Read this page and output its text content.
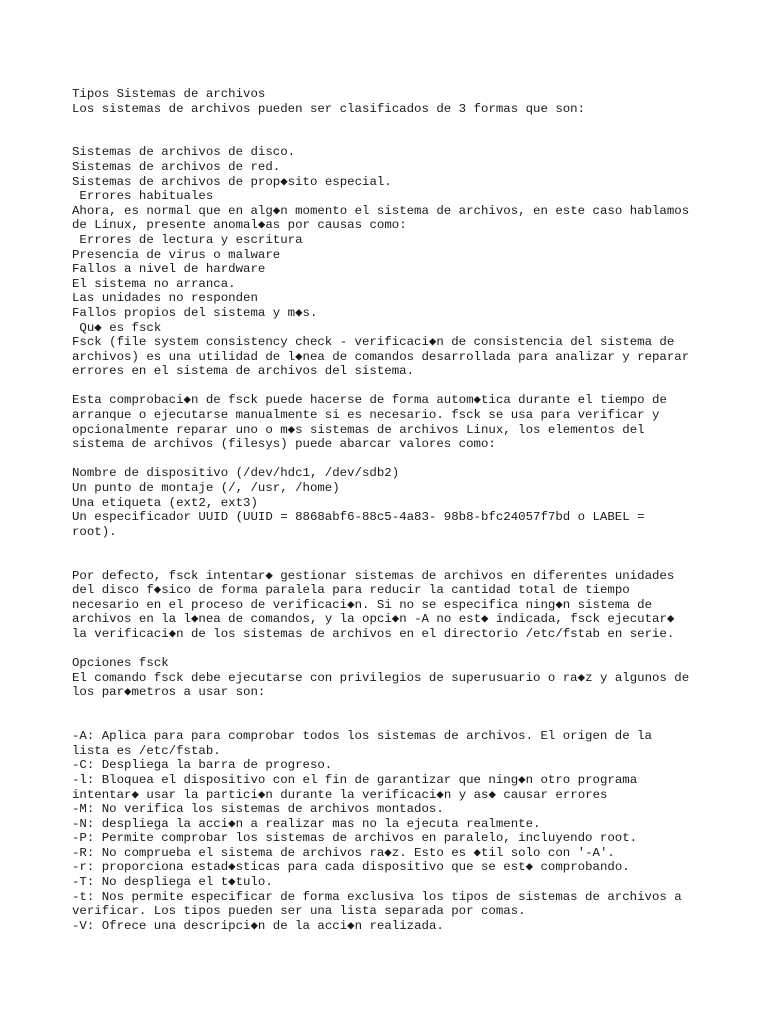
Tipos Sistemas de archivos
Los sistemas de archivos pueden ser clasificados de 3 formas que son:
Sistemas de archivos de disco.
Sistemas de archivos de red.
Sistemas de archivos de prop◆sito especial.
Errores habituales
Ahora, es normal que en alg◆n momento el sistema de archivos, en este caso hablamos
de Linux, presente anomal◆as por causas como:
Errores de lectura y escritura
Presencia de virus o malware
Fallos a nivel de hardware
El sistema no arranca.
Las unidades no responden
Fallos propios del sistema y m◆s.
Qu◆ es fsck
Fsck (file system consistency check - verificaci◆n de consistencia del sistema de
archivos) es una utilidad de l◆nea de comandos desarrollada para analizar y reparar
errores en el sistema de archivos del sistema.
Esta comprobaci◆n de fsck puede hacerse de forma autom◆tica durante el tiempo de
arranque o ejecutarse manualmente si es necesario. fsck se usa para verificar y
opcionalmente reparar uno o m◆s sistemas de archivos Linux, los elementos del
sistema de archivos (filesys) puede abarcar valores como:
Nombre de dispositivo (/dev/hdc1, /dev/sdb2)
Un punto de montaje (/, /usr, /home)
Una etiqueta (ext2, ext3)
Un especificador UUID (UUID = 8868abf6-88c5-4a83- 98b8-bfc24057f7bd o LABEL =
root).
Por defecto, fsck intentar◆ gestionar sistemas de archivos en diferentes unidades
del disco f◆sico de forma paralela para reducir la cantidad total de tiempo
necesario en el proceso de verificaci◆n. Si no se especifica ning◆n sistema de
archivos en la l◆nea de comandos, y la opci◆n -A no est◆ indicada, fsck ejecutar◆
la verificaci◆n de los sistemas de archivos en el directorio /etc/fstab en serie.
Opciones fsck
El comando fsck debe ejecutarse con privilegios de superusuario o ra◆z y algunos de
los par◆metros a usar son:
-A: Aplica para para comprobar todos los sistemas de archivos. El origen de la
lista es /etc/fstab.
-C: Despliega la barra de progreso.
-l: Bloquea el dispositivo con el fin de garantizar que ning◆n otro programa
intentar◆ usar la partici◆n durante la verificaci◆n y as◆ causar errores
-M: No verifica los sistemas de archivos montados.
-N: despliega la acci◆n a realizar mas no la ejecuta realmente.
-P: Permite comprobar los sistemas de archivos en paralelo, incluyendo root.
-R: No comprueba el sistema de archivos ra◆z. Esto es ◆til solo con '-A'.
-r: proporciona estad◆sticas para cada dispositivo que se est◆ comprobando.
-T: No despliega el t◆tulo.
-t: Nos permite especificar de forma exclusiva los tipos de sistemas de archivos a
verificar. Los tipos pueden ser una lista separada por comas.
-V: Ofrece una descripci◆n de la acci◆n realizada.
